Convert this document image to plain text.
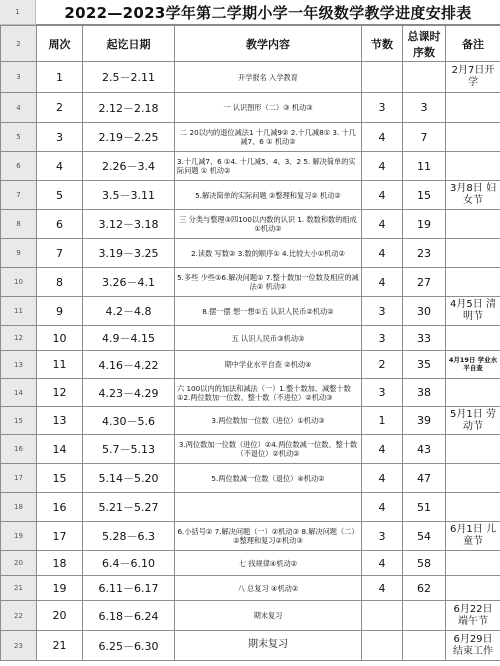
1	2022—2023学年第二学期小学一年级数学教学进度安排表
2	周次	起讫日期	教学内容	节数	总课时序数	备注
3	1	2.5－2.11	开学报名 入学教育			2月7日开学
4	2	2.12－2.18	一 认识图形（二）③ 机动③	3	3	
5	3	2.19－2.25	二 20以内的退位减法1 十几减9② 2.十几减8① 3. 十几减7、6 ① 机动②	4	7	
6	4	2.26－3.4	3.十几减7、6 ①4. 十几减5、4、3、2 5. 解决简单的实际问题 ① 机动②	4	11	
7	5	3.5－3.11	5.解决简单的实际问题 ②整理和复习② 机动②	4	15	3月8日 妇女节
8	6	3.12－3.18	三 分类与整理③四100以内数的认识 1. 数数和数的组成 ①机动②	4	19	
9	7	3.19－3.25	2.读数 写数② 3.数的顺序① 4.比较大小①机动②	4	23	
10	8	3.26－4.1	5.多些 少些①6.解决问题① 7.整十数加一位数及相应的减法② 机动②	4	27	
11	9	4.2－4.8	8.摆一摆 想一想①五 认识人民币②机动②	3	30	4月5日 清明节
12	10	4.9－4.15	五 认识人民币③机动③	3	33	
13	11	4.16－4.22	期中学业水平自查 ②机动④	2	35	4月19日 学业水平自查
14	12	4.23－4.29	六 100以内的加法和减法（一）1.整十数加、减整十数 ①2.两位数加一位数、整十数（不进位）②机动③	3	38	
15	13	4.30－5.6	3.两位数加一位数（进位）①机动③	1	39	5月1日 劳动节
16	14	5.7－5.13	3.两位数加一位数（进位）②4.两位数减一位数、整十数（不退位）②机动②	4	43	
17	15	5.14－5.20	5.两位数减一位数（退位）④机动②	4	47	
18	16	5.21－5.27		4	51	
19	17	5.28－6.3	6.小括号② 7.解决问题（一）②机动③ 8.解决问题（二）②整理和复习②机动③	3	54	6月1日 儿童节
20	18	6.4－6.10	七 找规律④机动②	4	58	
21	19	6.11－6.17	八 总复习 ④机动②	4	62	
22	20	6.18－6.24	期末复习			6月22日 端午节
23	21	6.25－6.30	期末复习			6月29日 结束工作
